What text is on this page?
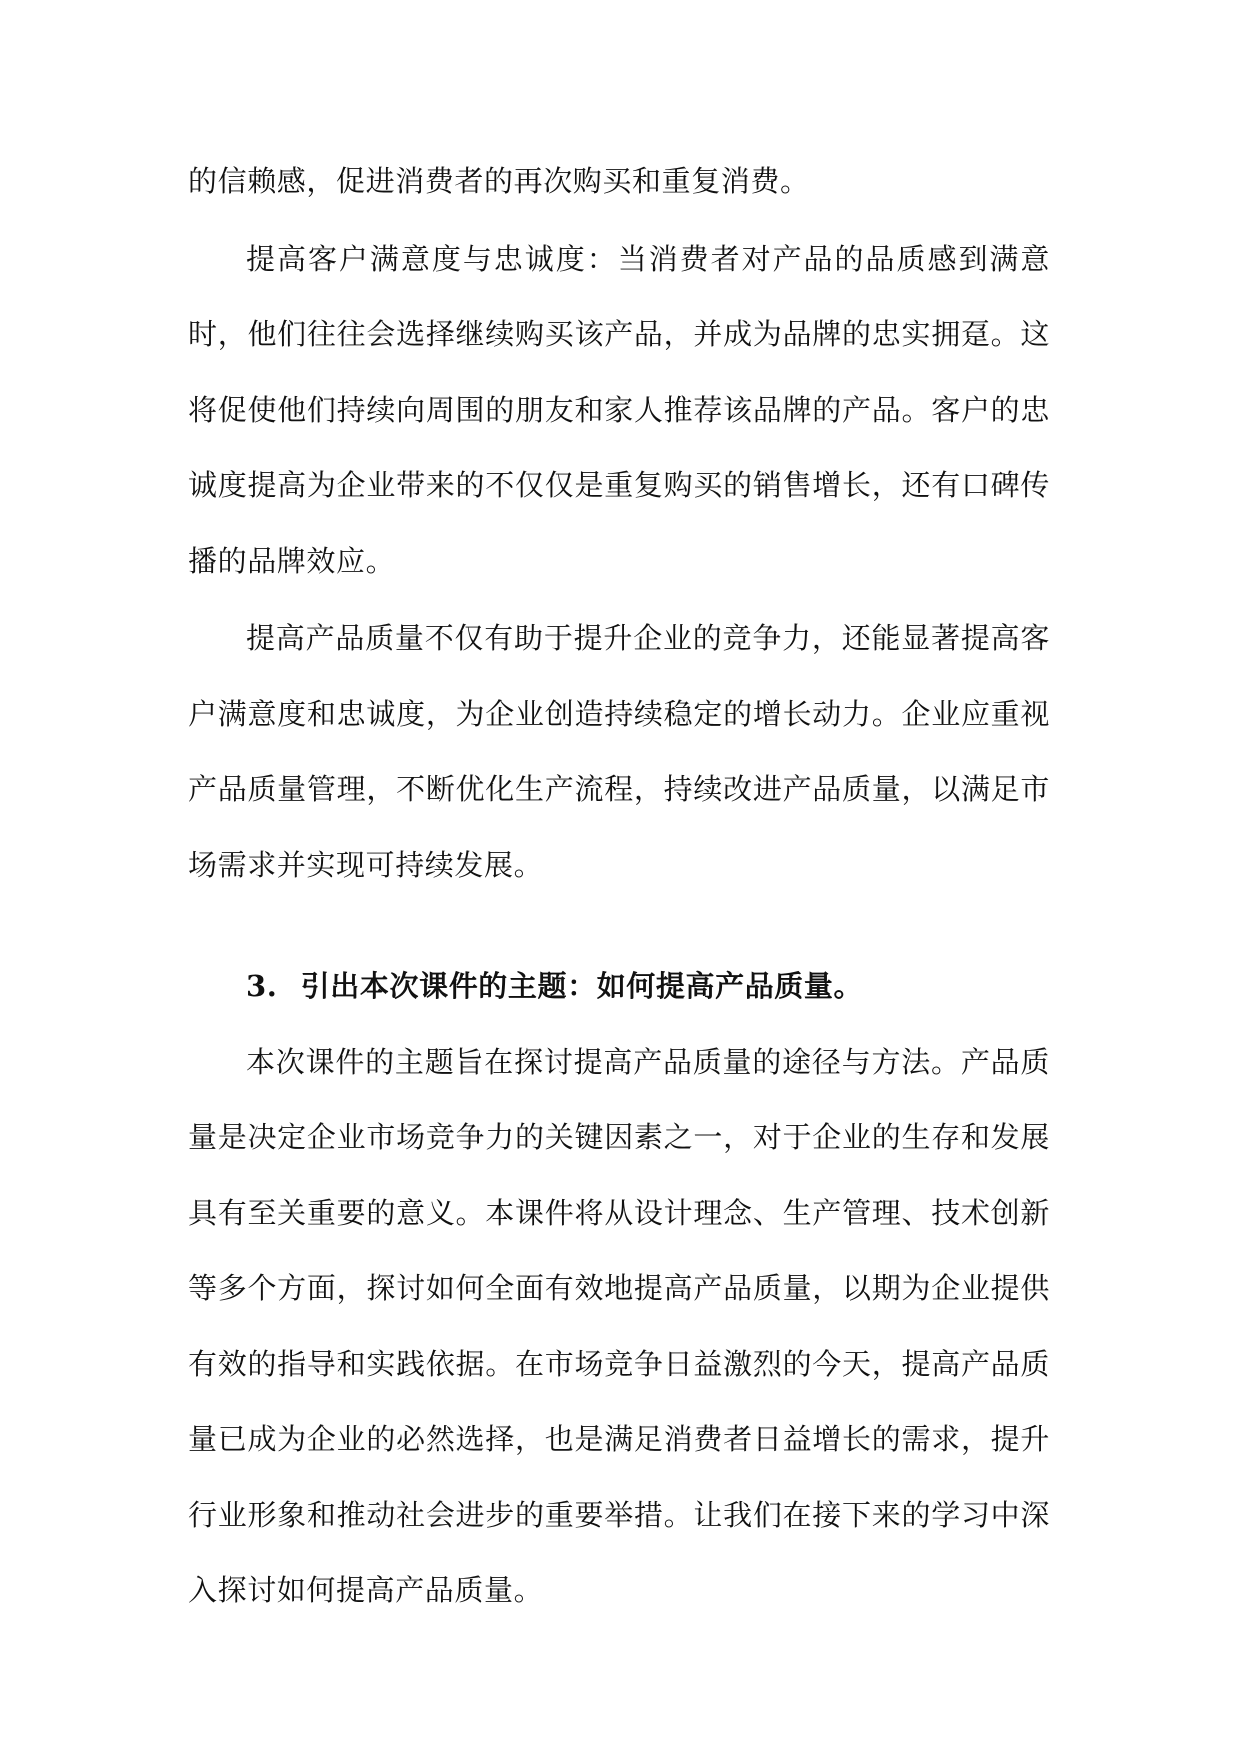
的信赖感，促进消费者的再次购买和重复消费。

提高客户满意度与忠诚度：当消费者对产品的品质感到满意时，他们往往会选择继续购买该产品，并成为品牌的忠实拥趸。这将促使他们持续向周围的朋友和家人推荐该品牌的产品。客户的忠诚度提高为企业带来的不仅仅是重复购买的销售增长，还有口碑传播的品牌效应。

提高产品质量不仅有助于提升企业的竞争力，还能显著提高客户满意度和忠诚度，为企业创造持续稳定的增长动力。企业应重视产品质量管理，不断优化生产流程，持续改进产品质量，以满足市场需求并实现可持续发展。

3. 引出本次课件的主题：如何提高产品质量。

本次课件的主题旨在探讨提高产品质量的途径与方法。产品质量是决定企业市场竞争力的关键因素之一，对于企业的生存和发展具有至关重要的意义。本课件将从设计理念、生产管理、技术创新等多个方面，探讨如何全面有效地提高产品质量，以期为企业提供有效的指导和实践依据。在市场竞争日益激烈的今天，提高产品质量已成为企业的必然选择，也是满足消费者日益增长的需求，提升行业形象和推动社会进步的重要举措。让我们在接下来的学习中深入探讨如何提高产品质量。
